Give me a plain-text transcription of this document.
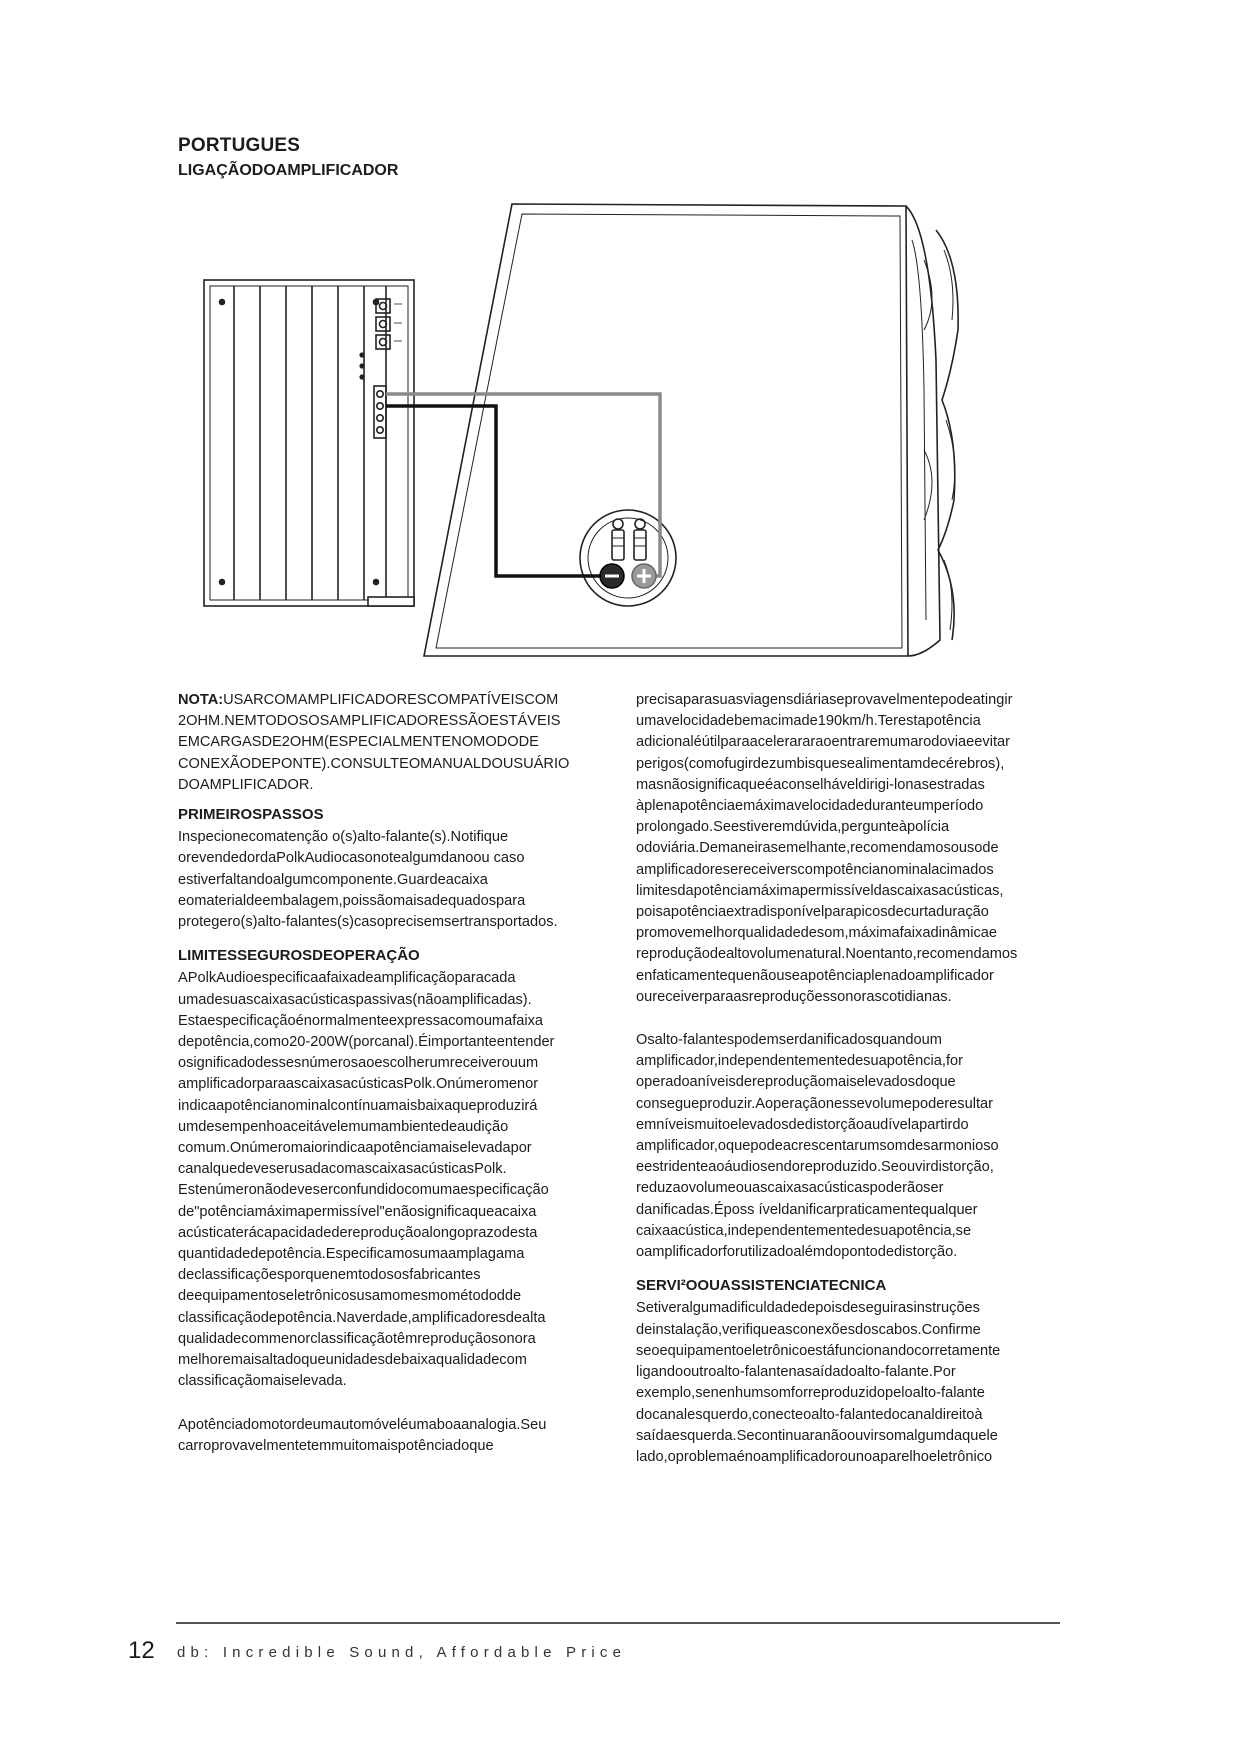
PORTUGUES
LIGAÇÃODOAMPLIFICADOR

NOTA:USARCOMAMPLIFICADORESCOMPATÍVEISCOM 2OHM.NEMTODOSOSAMPLIFICADORESSÃOESTÁVEIS EMCARGASDE2OHM(ESPECIALMENTENOMODODE CONEXÃODEPONTE).CONSULTEOMANUALDOUSUÁRIO DOAMPLIFICADOR.

PRIMEIROSPASSOS

Inspecionecomatenção o(s)alto-falante(s).Notifique orevendedordaPolkAudiocasonotealgumdanoou caso estiverfaltandoalgumcomponente.Guardeacaixa eomaterialdeembalagem,poissãomaisadequadospara protegero(s)alto-falantes(s)casoprecisemsertransportados.

LIMITESSEGUROSDEOPERAÇÃO

APolkAudioespecificaafaixadeamplificaçãoparacada umadesuascaixasacústicaspassivas(nãoamplificadas). Estaespecificaçãoénormalmenteexpressacomoumafaixa depotência,como20-200W(porcanal).Éimportanteentender osignificadodessesnúmerosaoescolherumreceiverouum amplificadorparaascaixasacústicasPolk.Onúmeromenor indicaapotêncianominalcontínuamaisbaixaqueproduzirá umdesempenhoaceitávelemumambientedeaudição comum.Onúmeromaiorindicaapotênciamaiselevadapor canalquedeveserusadacomascaixasacústicasPolk. Estenúmeronãodeveserconfundidocomumaespecificação de"potênciamáximapermissível"enãosignificaqueacaixa acústicaterácapacidadedereproduçãoalongoprazodesta quantidadedepotência.Especificamosumaamplagama declassificaçõesporquenemtodososfabricantes deequipamentoseletrônicosusamomesmométododde classificaçãodepotência.Naverdade,amplificadoresdealta qualidadecommenorclassificaçãotêmreproduçãosonora melhoremaisaltadoqueunidadesdebaixaqualidadecom classificaçãomaiselevada.

Apotênciadomotordeumautomóveléumaboaanalogia.Seu carroprovavelmentetemmuitomaispotênciadoque

precisaparasuasviagensdiáriaseprovavelmentepodeatingir umavelocidadebemacimade190km/h.Terestapotência adicionaléútilparaacelerararaoentraremumarodoviaeevitar perigos(comofugirdezumbisquesealimentamdecérebros), masnãosignificaqueéaconselháveldirigi-lonasestradas àplenapotênciaemáximavelocidadeduranteumperíodo prolongado.Seestiveremdúvida,pergunteàpolícia odoviária.Demaneirasemelhante,recomendamosousode amplificadoresereceiverscompotêncianominalacimados limitesdapotênciamáximapermissíveldascaixasacústicas, poisapotênciaextradisponívelparapicosdecurtaduração promovemelhorqualidadedesom,máximafaixadinâmicae reproduçãodealtovolumenatural.Noentanto,recomendamos enfaticamentequenãouseapotênciaplenadoamplificador oureceiverparaasreproduçõessonorascotidianas.

Osalto-falantespodemserdanificadosquandoum amplificador,independentementedesuapotência,for operadoaníveisdereproduçãomaiselevadosdoque consegueproduzir.Aoperaçãonessevolumepoderesultar emníveismuitoelevadosdedistorçãoaudívelapartirdo amplificador,oquepodeacrescentarumsomdesarmonioso eestridenteaoáudiosendoreproduzido.Seouvirdistorção, reduzaovolumeouascaixasacústicaspoderãoser danificadas.Époss íveldanificarpraticamentequalquer caixaacústica,independentementedesuapotência,se oamplificadorforutilizadoalémdopontodedistorção.

SERVI²OOUASSISTENCIATECNICA

Setiveralgumadificuldadedepoisdeseguirasinstruções deinstalação,verifiqueasconexõesdoscabos.Confirme seoequipamentoeletrônicoestáfuncionandocorretamente ligandooutroalto-falantenasaídadoalto-falante.Por exemplo,senenhumsomforreproduzidopeloalto-falante docanalesquerdo,conecteoalto-falantedocanaldireitoà saídaesquerda.Secontinuaranãoouvirsomalgumdaquele lado,oproblemaénoamplificadorounoaparelhoeletrônico

12 db: Incredible Sound, Affordable Price
